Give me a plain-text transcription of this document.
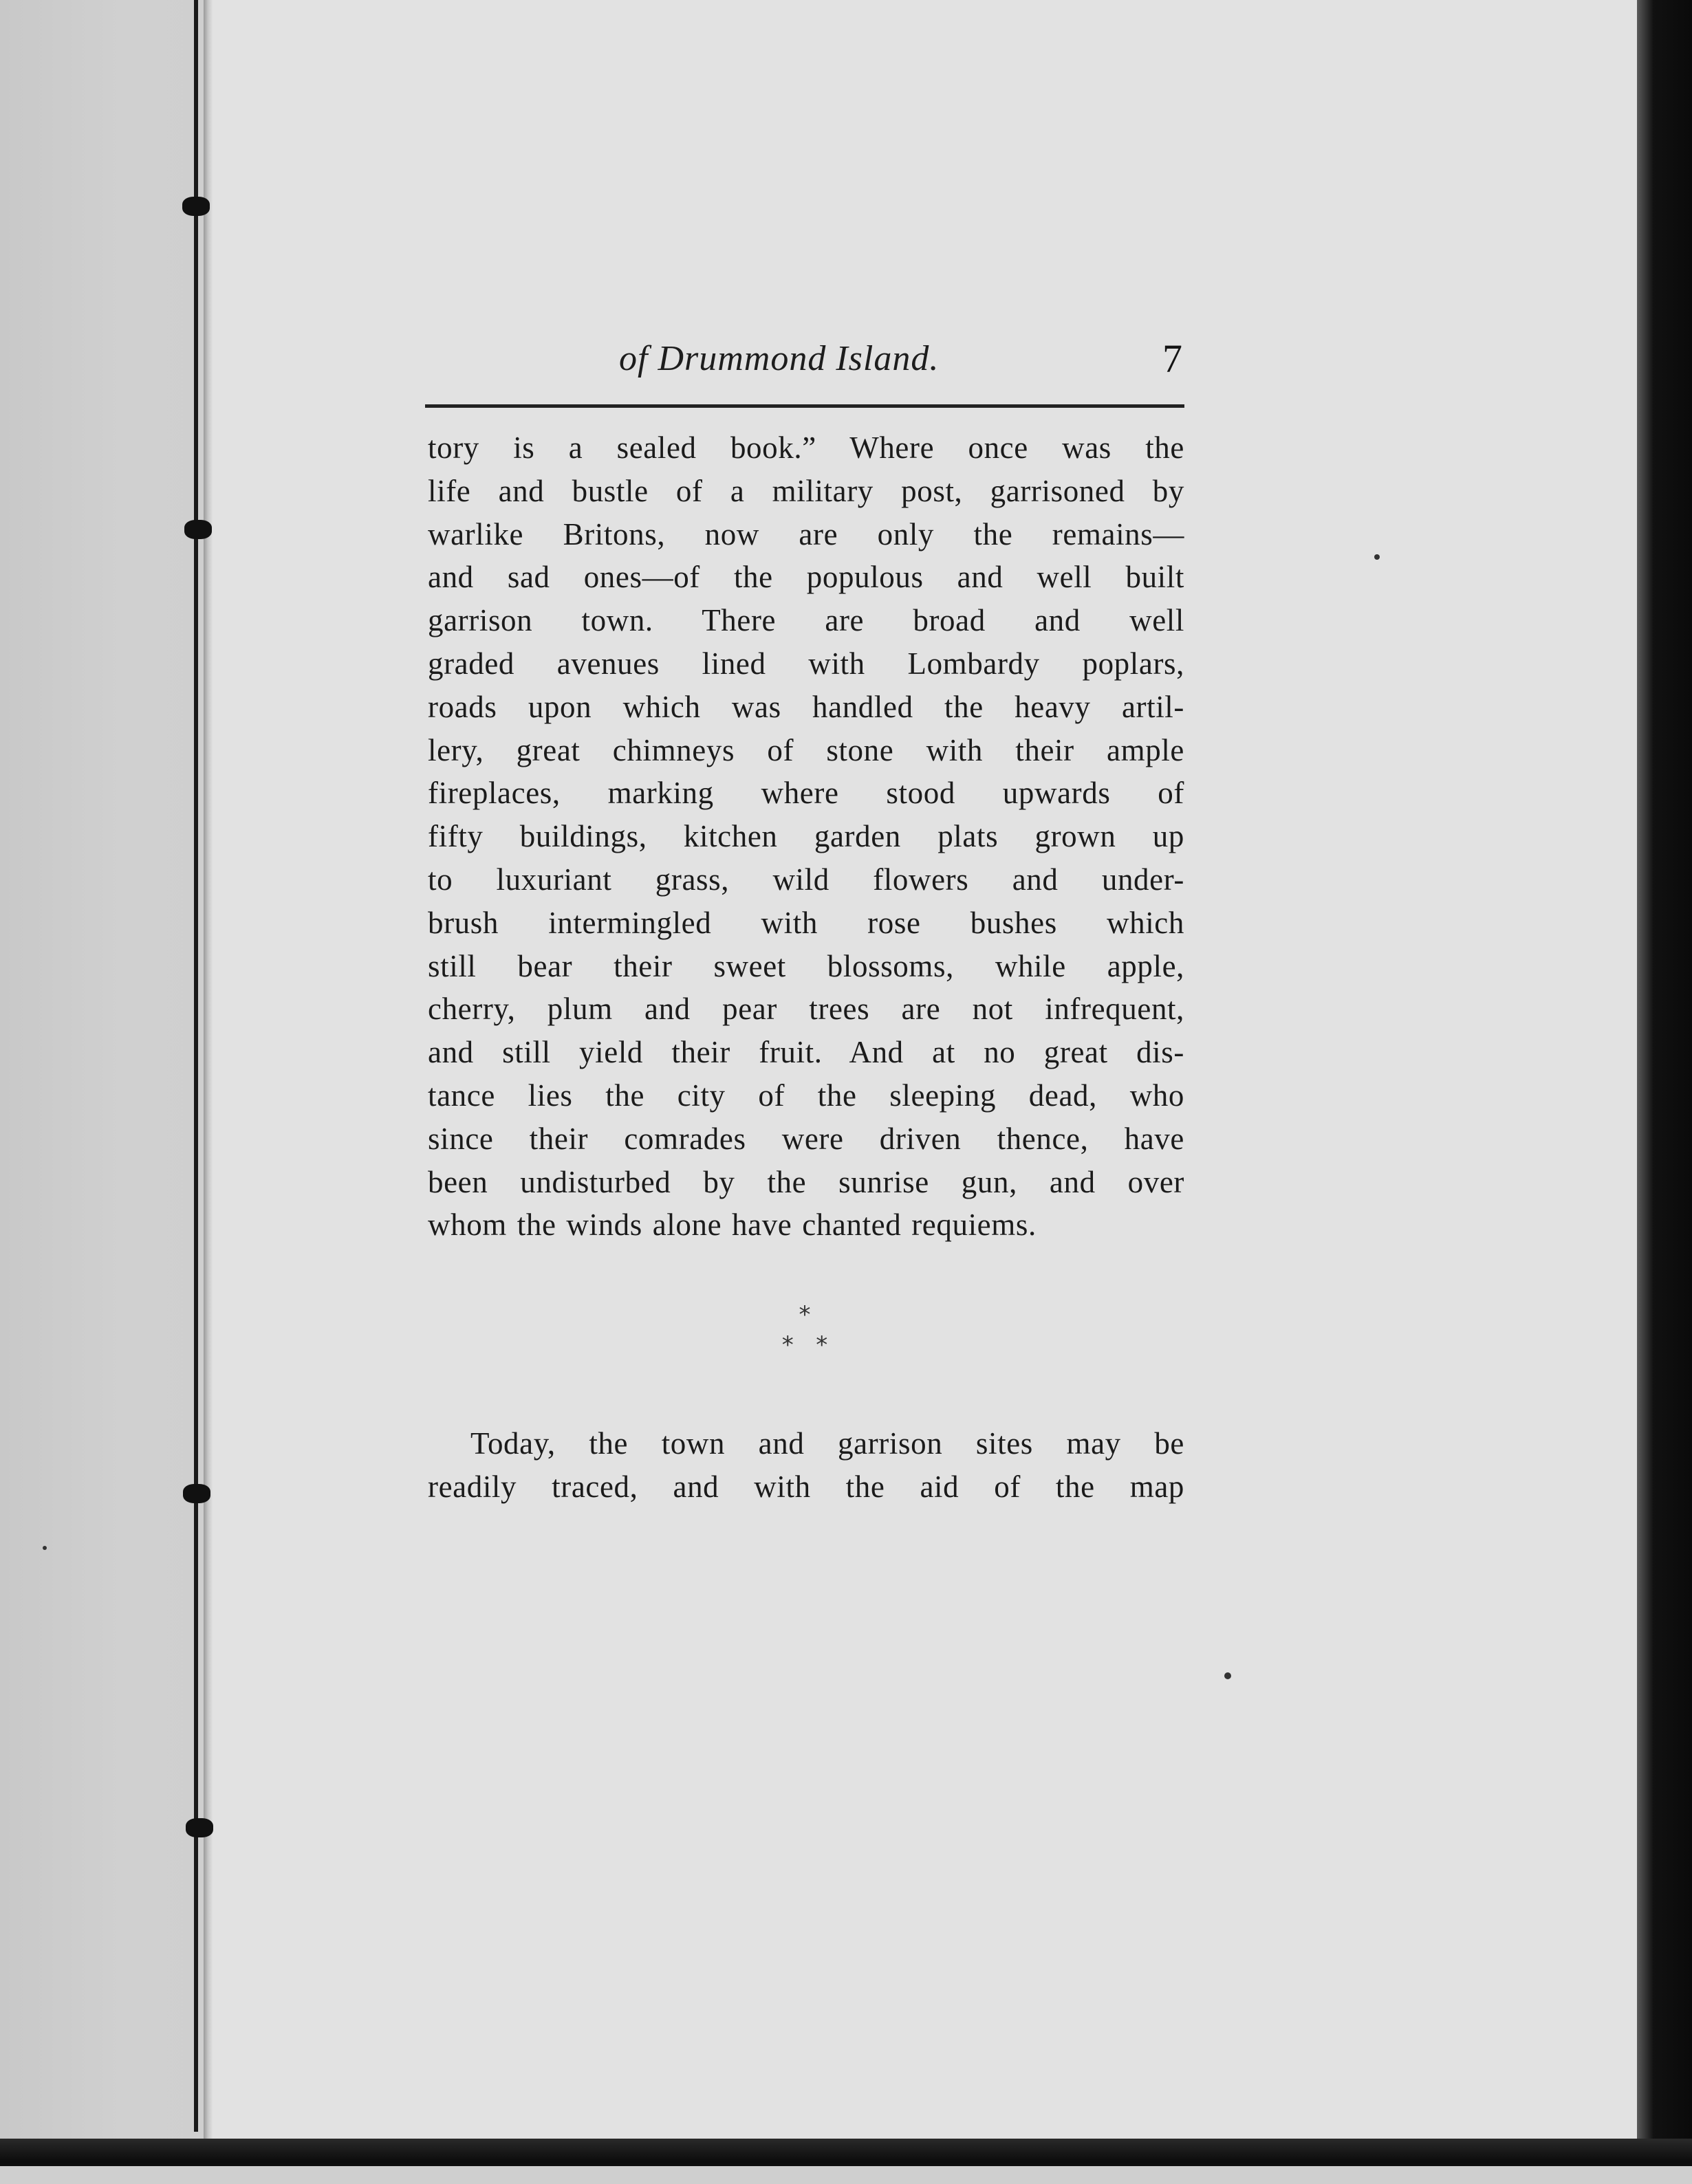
of Drummond Island.	7
tory is a sealed book.” Where once was the
life and bustle of a military post, garrisoned by
warlike Britons, now are only the remains—
and sad ones—of the populous and well built
garrison town. There are broad and well
graded avenues lined with Lombardy poplars,
roads upon which was handled the heavy artil-
lery, great chimneys of stone with their ample
fireplaces, marking where stood upwards of
fifty buildings, kitchen garden plats grown up
to luxuriant grass, wild flowers and under-
brush intermingled with rose bushes which
still bear their sweet blossoms, while apple,
cherry, plum and pear trees are not infrequent,
and still yield their fruit. And at no great dis-
tance lies the city of the sleeping dead, who
since their comrades were driven thence, have
been undisturbed by the sunrise gun, and over
whom the winds alone have chanted requiems.
*
*   *
Today, the town and garrison sites may be
readily traced, and with the aid of the map
